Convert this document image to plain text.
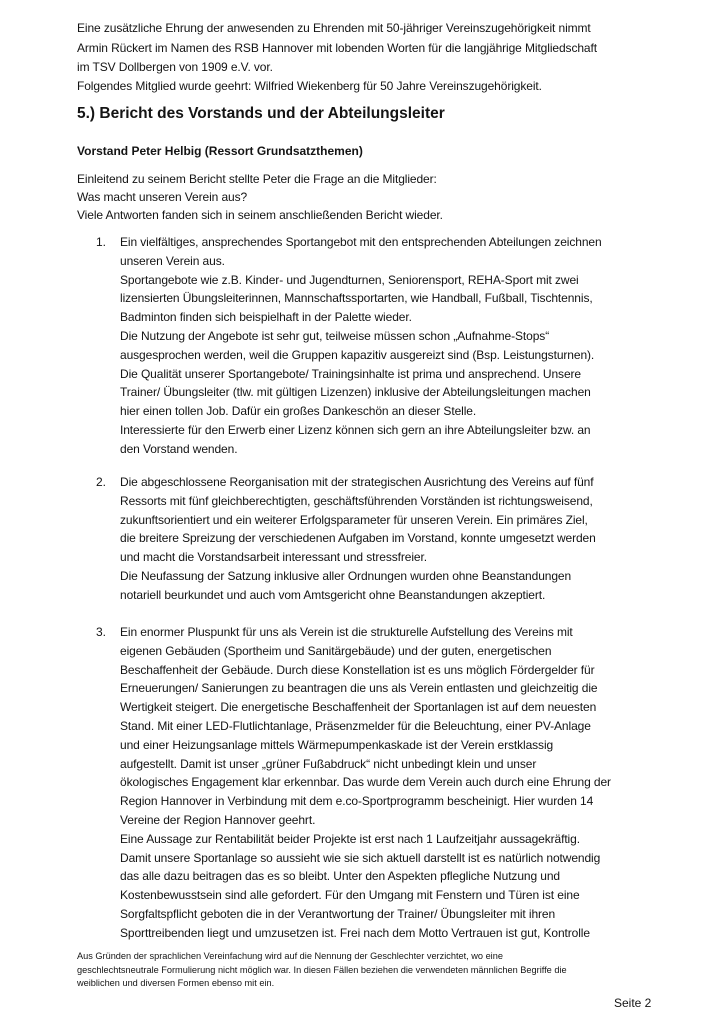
Eine zusätzliche Ehrung der anwesenden zu Ehrenden mit 50-jähriger Vereinszugehörigkeit nimmt
Armin Rückert im Namen des RSB Hannover mit lobenden Worten für die langjährige Mitgliedschaft
im TSV Dollbergen von 1909 e.V. vor.
Folgendes Mitglied wurde geehrt: Wilfried Wiekenberg für 50 Jahre Vereinszugehörigkeit.
5.) Bericht des Vorstands und der Abteilungsleiter
Vorstand Peter Helbig (Ressort Grundsatzthemen)
Einleitend zu seinem Bericht stellte Peter die Frage an die Mitglieder:
Was macht unseren Verein aus?
Viele Antworten fanden sich in seinem anschließenden Bericht wieder.
1. Ein vielfältiges, ansprechendes Sportangebot mit den entsprechenden Abteilungen zeichnen
unseren Verein aus.
Sportangebote wie z.B. Kinder- und Jugendturnen, Seniorensport, REHA-Sport mit zwei
lizensierten Übungsleiterinnen, Mannschaftssportarten, wie Handball, Fußball, Tischtennis,
Badminton finden sich beispielhaft in der Palette wieder.
Die Nutzung der Angebote ist sehr gut, teilweise müssen schon „Aufnahme-Stops“
ausgesprochen werden, weil die Gruppen kapazitiv ausgereizt sind (Bsp. Leistungsturnen).
Die Qualität unserer Sportangebote/ Trainingsinhalte ist prima und ansprechend. Unsere
Trainer/ Übungsleiter (tlw. mit gültigen Lizenzen) inklusive der Abteilungsleitungen machen
hier einen tollen Job. Dafür ein großes Dankeschön an dieser Stelle.
Interessierte für den Erwerb einer Lizenz können sich gern an ihre Abteilungsleiter bzw. an
den Vorstand wenden.
2. Die abgeschlossene Reorganisation mit der strategischen Ausrichtung des Vereins auf fünf
Ressorts mit fünf gleichberechtigten, geschäftsführenden Vorständen ist richtungsweisend,
zukunftsorientiert und ein weiterer Erfolgsparameter für unseren Verein. Ein primäres Ziel,
die breitere Spreizung der verschiedenen Aufgaben im Vorstand, konnte umgesetzt werden
und macht die Vorstandsarbeit interessant und stressfreier.
Die Neufassung der Satzung inklusive aller Ordnungen wurden ohne Beanstandungen
notariell beurkundet und auch vom Amtsgericht ohne Beanstandungen akzeptiert.
3. Ein enormer Pluspunkt für uns als Verein ist die strukturelle Aufstellung des Vereins mit
eigenen Gebäuden (Sportheim und Sanitärgebäude) und der guten, energetischen
Beschaffenheit der Gebäude. Durch diese Konstellation ist es uns möglich Fördergelder für
Erneuerungen/ Sanierungen zu beantragen die uns als Verein entlasten und gleichzeitig die
Wertigkeit steigert. Die energetische Beschaffenheit der Sportanlagen ist auf dem neuesten
Stand. Mit einer LED-Flutlichtanlage, Präsenzmelder für die Beleuchtung, einer PV-Anlage
und einer Heizungsanlage mittels Wärmepumpenkaskade ist der Verein erstklassig
aufgestellt. Damit ist unser „grüner Fußabdruck“ nicht unbedingt klein und unser
ökologisches Engagement klar erkennbar. Das wurde dem Verein auch durch eine Ehrung der
Region Hannover in Verbindung mit dem e.co-Sportprogramm bescheinigt. Hier wurden 14
Vereine der Region Hannover geehrt.
Eine Aussage zur Rentabilität beider Projekte ist erst nach 1 Laufzeitjahr aussagekräftig.
Damit unsere Sportanlage so aussieht wie sie sich aktuell darstellt ist es natürlich notwendig
das alle dazu beitragen das es so bleibt. Unter den Aspekten pflegliche Nutzung und
Kostenbewusstsein sind alle gefordert. Für den Umgang mit Fenstern und Türen ist eine
Sorgfaltspflicht geboten die in der Verantwortung der Trainer/ Übungsleiter mit ihren
Sporttreibenden liegt und umzusetzen ist. Frei nach dem Motto Vertrauen ist gut, Kontrolle
Aus Gründen der sprachlichen Vereinfachung wird auf die Nennung der Geschlechter verzichtet, wo eine
geschlechtsneutrale Formulierung nicht möglich war. In diesen Fällen beziehen die verwendeten männlichen Begriffe die
weiblichen und diversen Formen ebenso mit ein.
Seite 2
